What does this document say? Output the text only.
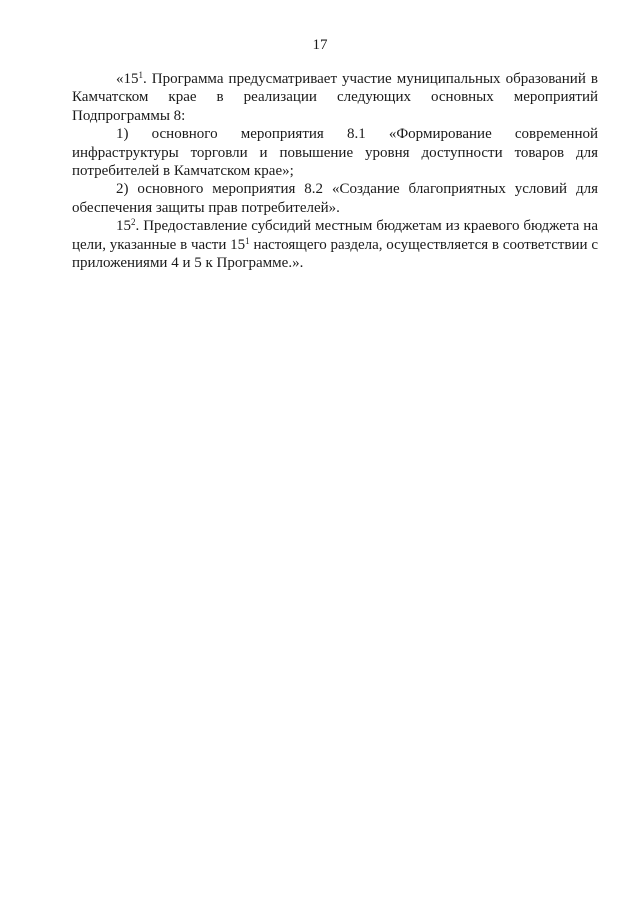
17

«$15^1$. Программа предусматривает участие муниципальных образований в Камчатском крае в реализации следующих основных мероприятий Подпрограммы 8:

1) основного мероприятия 8.1 «Формирование современной инфраструктуры торговли и повышение уровня доступности товаров для потребителей в Камчатском крае»;

2) основного мероприятия 8.2 «Создание благоприятных условий для обеспечения защиты прав потребителей».

$15^2$. Предоставление субсидий местным бюджетам из краевого бюджета на цели, указанные в части $15^1$ настоящего раздела, осуществляется в соответствии с приложениями 4 и 5 к Программе.».
